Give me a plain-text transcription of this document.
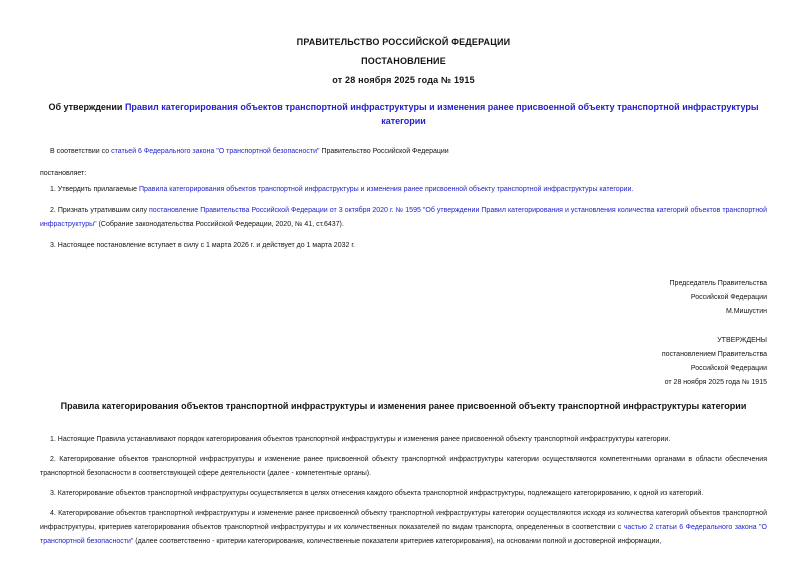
ПРАВИТЕЛЬСТВО РОССИЙСКОЙ ФЕДЕРАЦИИ

ПОСТАНОВЛЕНИЕ

от 28 ноября 2025 года № 1915

Об утверждении Правил категорирования объектов транспортной инфраструктуры и изменения ранее присвоенной объекту транспортной инфраструктуры категории

В соответствии со статьей 6 Федерального закона "О транспортной безопасности" Правительство Российской Федерации

постановляет:

1. Утвердить прилагаемые Правила категорирования объектов транспортной инфраструктуры и изменения ранее присвоенной объекту транспортной инфраструктуры категории.

2. Признать утратившим силу постановление Правительства Российской Федерации от 3 октября 2020 г. № 1595 "Об утверждении Правил категорирования и установления количества категорий объектов транспортной инфраструктуры" (Собрание законодательства Российской Федерации, 2020, № 41, ст.6437).

3. Настоящее постановление вступает в силу с 1 марта 2026 г. и действует до 1 марта 2032 г.

Председатель Правительства

Российской Федерации

М.Мишустин

УТВЕРЖДЕНЫ

постановлением Правительства

Российской Федерации

от 28 ноября 2025 года № 1915

Правила категорирования объектов транспортной инфраструктуры и изменения ранее присвоенной объекту транспортной инфраструктуры категории

1. Настоящие Правила устанавливают порядок категорирования объектов транспортной инфраструктуры и изменения ранее присвоенной объекту транспортной инфраструктуры категории.

2. Категорирование объектов транспортной инфраструктуры и изменение ранее присвоенной объекту транспортной инфраструктуры категории осуществляются компетентными органами в области обеспечения транспортной безопасности в соответствующей сфере деятельности (далее - компетентные органы).

3. Категорирование объектов транспортной инфраструктуры осуществляется в целях отнесения каждого объекта транспортной инфраструктуры, подлежащего категорированию, к одной из категорий.

4. Категорирование объектов транспортной инфраструктуры и изменение ранее присвоенной объекту транспортной инфраструктуры категории осуществляются исходя из количества категорий объектов транспортной инфраструктуры, критериев категорирования объектов транспортной инфраструктуры и их количественных показателей по видам транспорта, определенных в соответствии с частью 2 статьи 6 Федерального закона "О транспортной безопасности" (далее соответственно - критерии категорирования, количественные показатели критериев категорирования), на основании полной и достоверной информации,
